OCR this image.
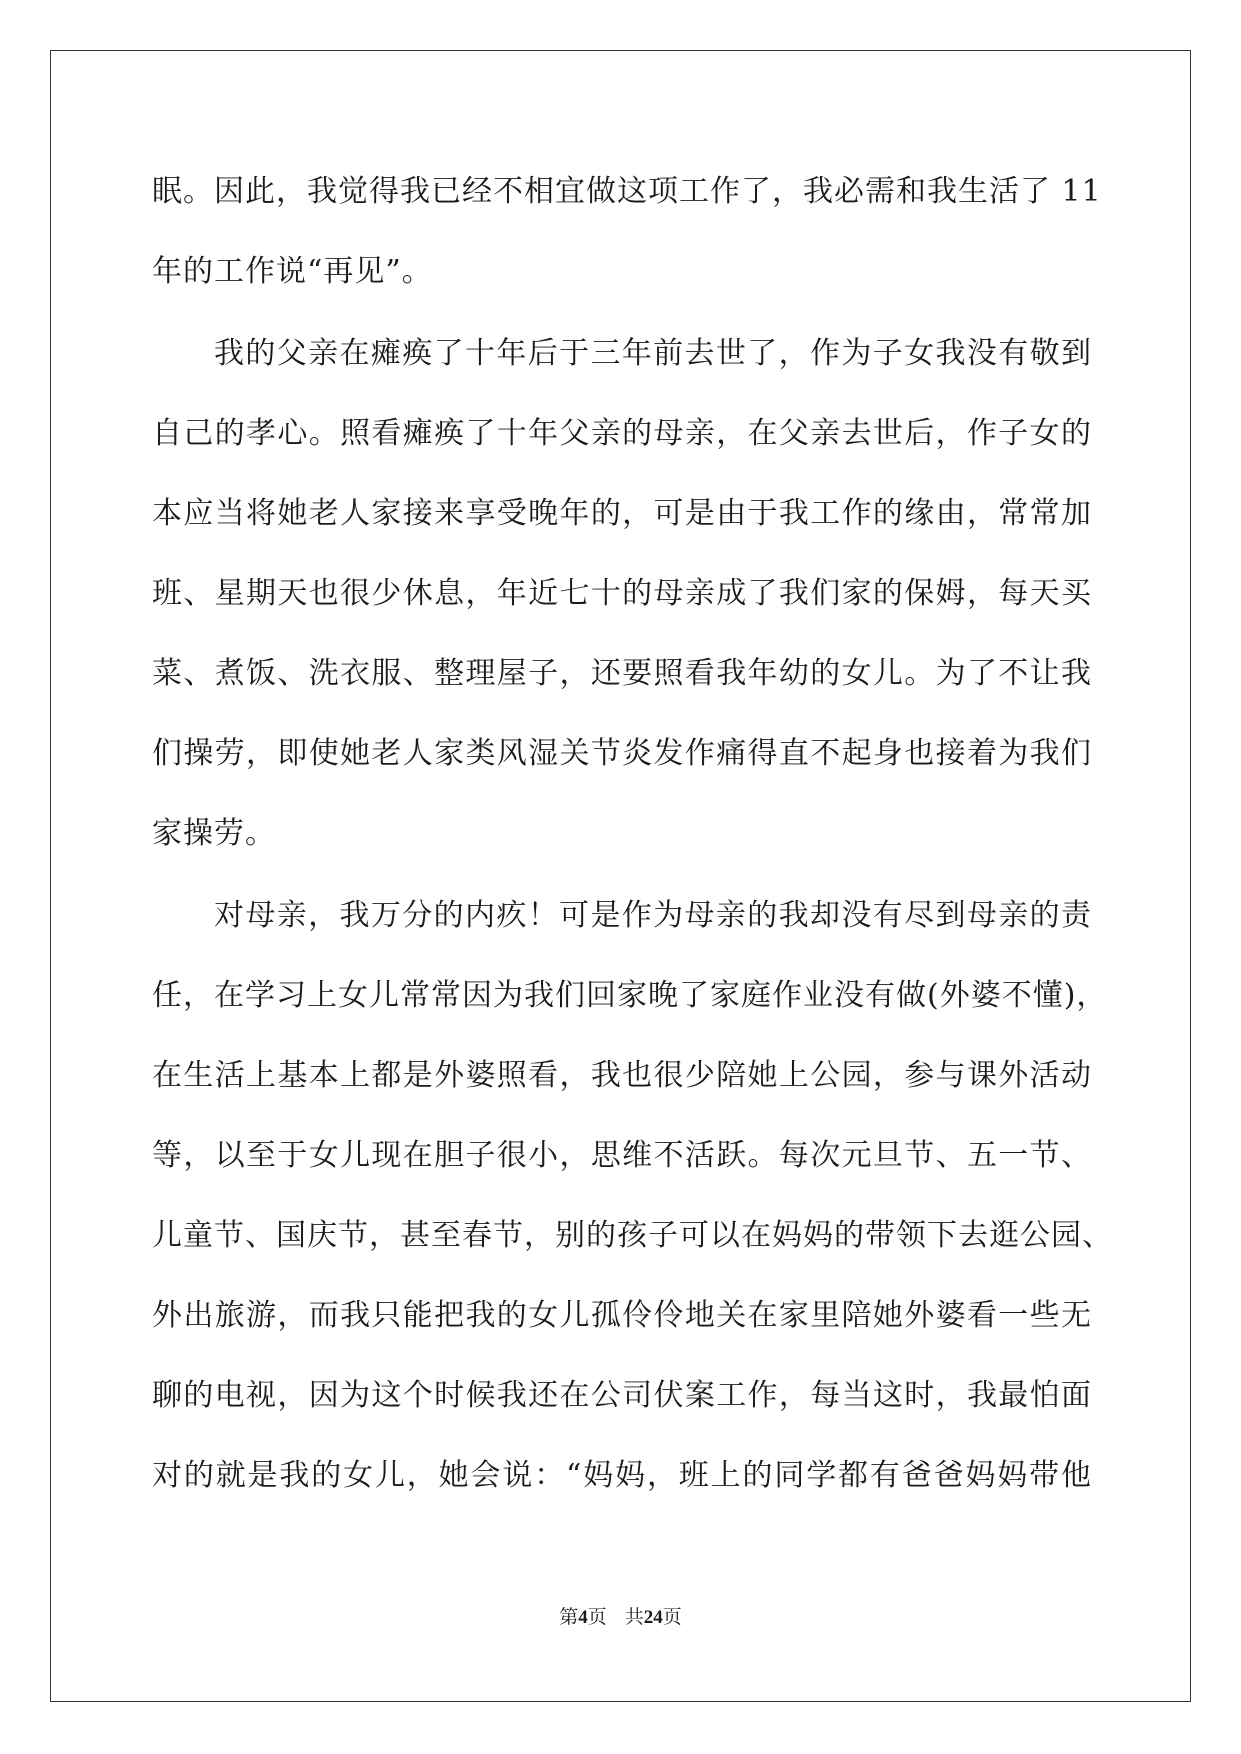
眠。因此，我觉得我已经不相宜做这项工作了，我必需和我生活了 11
年的工作说“再见”。
我的父亲在瘫痪了十年后于三年前去世了，作为子女我没有敬到
自己的孝心。照看瘫痪了十年父亲的母亲，在父亲去世后，作子女的
本应当将她老人家接来享受晚年的，可是由于我工作的缘由，常常加
班、星期天也很少休息，年近七十的母亲成了我们家的保姆，每天买
菜、煮饭、洗衣服、整理屋子，还要照看我年幼的女儿。为了不让我
们操劳，即使她老人家类风湿关节炎发作痛得直不起身也接着为我们
家操劳。
对母亲，我万分的内疚！可是作为母亲的我却没有尽到母亲的责
任，在学习上女儿常常因为我们回家晚了家庭作业没有做(外婆不懂)，
在生活上基本上都是外婆照看，我也很少陪她上公园，参与课外活动
等，以至于女儿现在胆子很小，思维不活跃。每次元旦节、五一节、
儿童节、国庆节，甚至春节，别的孩子可以在妈妈的带领下去逛公园、
外出旅游，而我只能把我的女儿孤伶伶地关在家里陪她外婆看一些无
聊的电视，因为这个时候我还在公司伏案工作，每当这时，我最怕面
对的就是我的女儿，她会说：“妈妈，班上的同学都有爸爸妈妈带他
第4页 共24页
